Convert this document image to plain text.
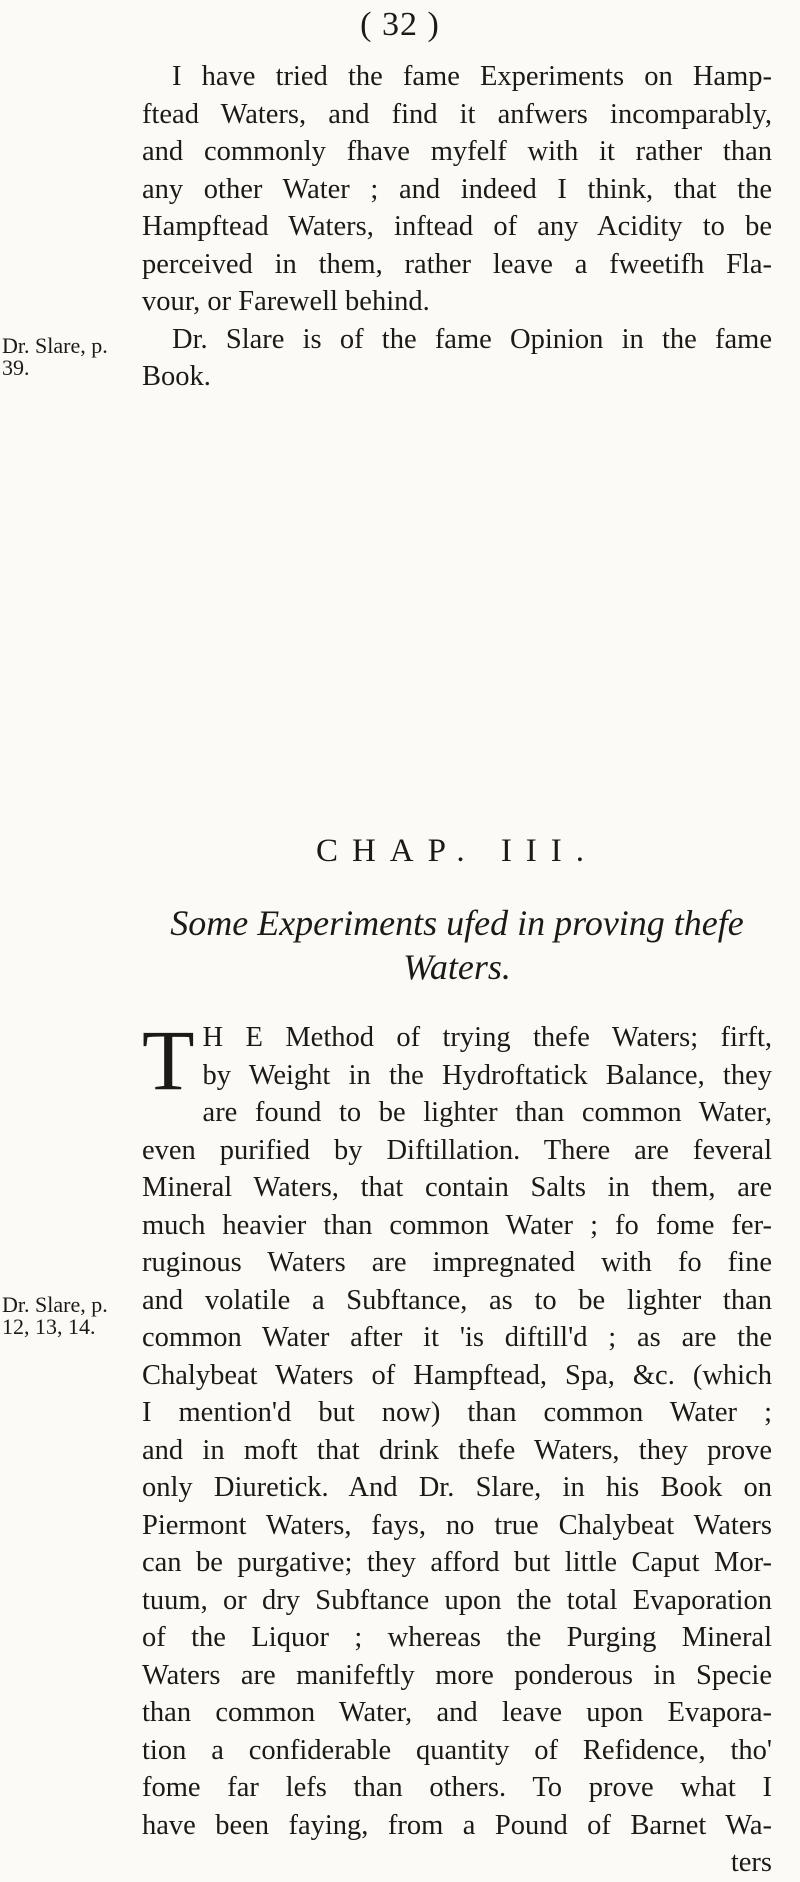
( 32 )
Dr. Slare, p. 39.
Dr. Slare, p. 12, 13, 14.
I have tried the fame Experiments on Hamp-
ftead Waters, and find it anfwers incomparably,
and commonly fhave myfelf with it rather than
any other Water ; and indeed I think, that the
Hampftead Waters, inftead of any Acidity to be
perceived in them, rather leave a fweetifh Fla-
vour, or Farewell behind.
Dr. Slare is of the fame Opinion in the fame
Book.
CHAP. III.
Some Experiments ufed in proving thefe
Waters.
T H E Method of trying thefe Waters; firft,
by Weight in the Hydroftatick Balance, they
are found to be lighter than common Water,
even purified by Diftillation. There are feveral
Mineral Waters, that contain Salts in them, are
much heavier than common Water ; fo fome fer-
ruginous Waters are impregnated with fo fine
and volatile a Subftance, as to be lighter than
common Water after it 'is diftill'd ; as are the
Chalybeat Waters of Hampftead, Spa, &c. (which
I mention'd but now) than common Water ;
and in moft that drink thefe Waters, they prove
only Diuretick. And Dr. Slare, in his Book on
Piermont Waters, fays, no true Chalybeat Waters
can be purgative; they afford but little Caput Mor-
tuum, or dry Subftance upon the total Evaporation
of the Liquor ; whereas the Purging Mineral
Waters are manifeftly more ponderous in Specie
than common Water, and leave upon Evapora-
tion a confiderable quantity of Refidence, tho'
fome far lefs than others. To prove what I
have been faying, from a Pound of Barnet Wa-
ters
